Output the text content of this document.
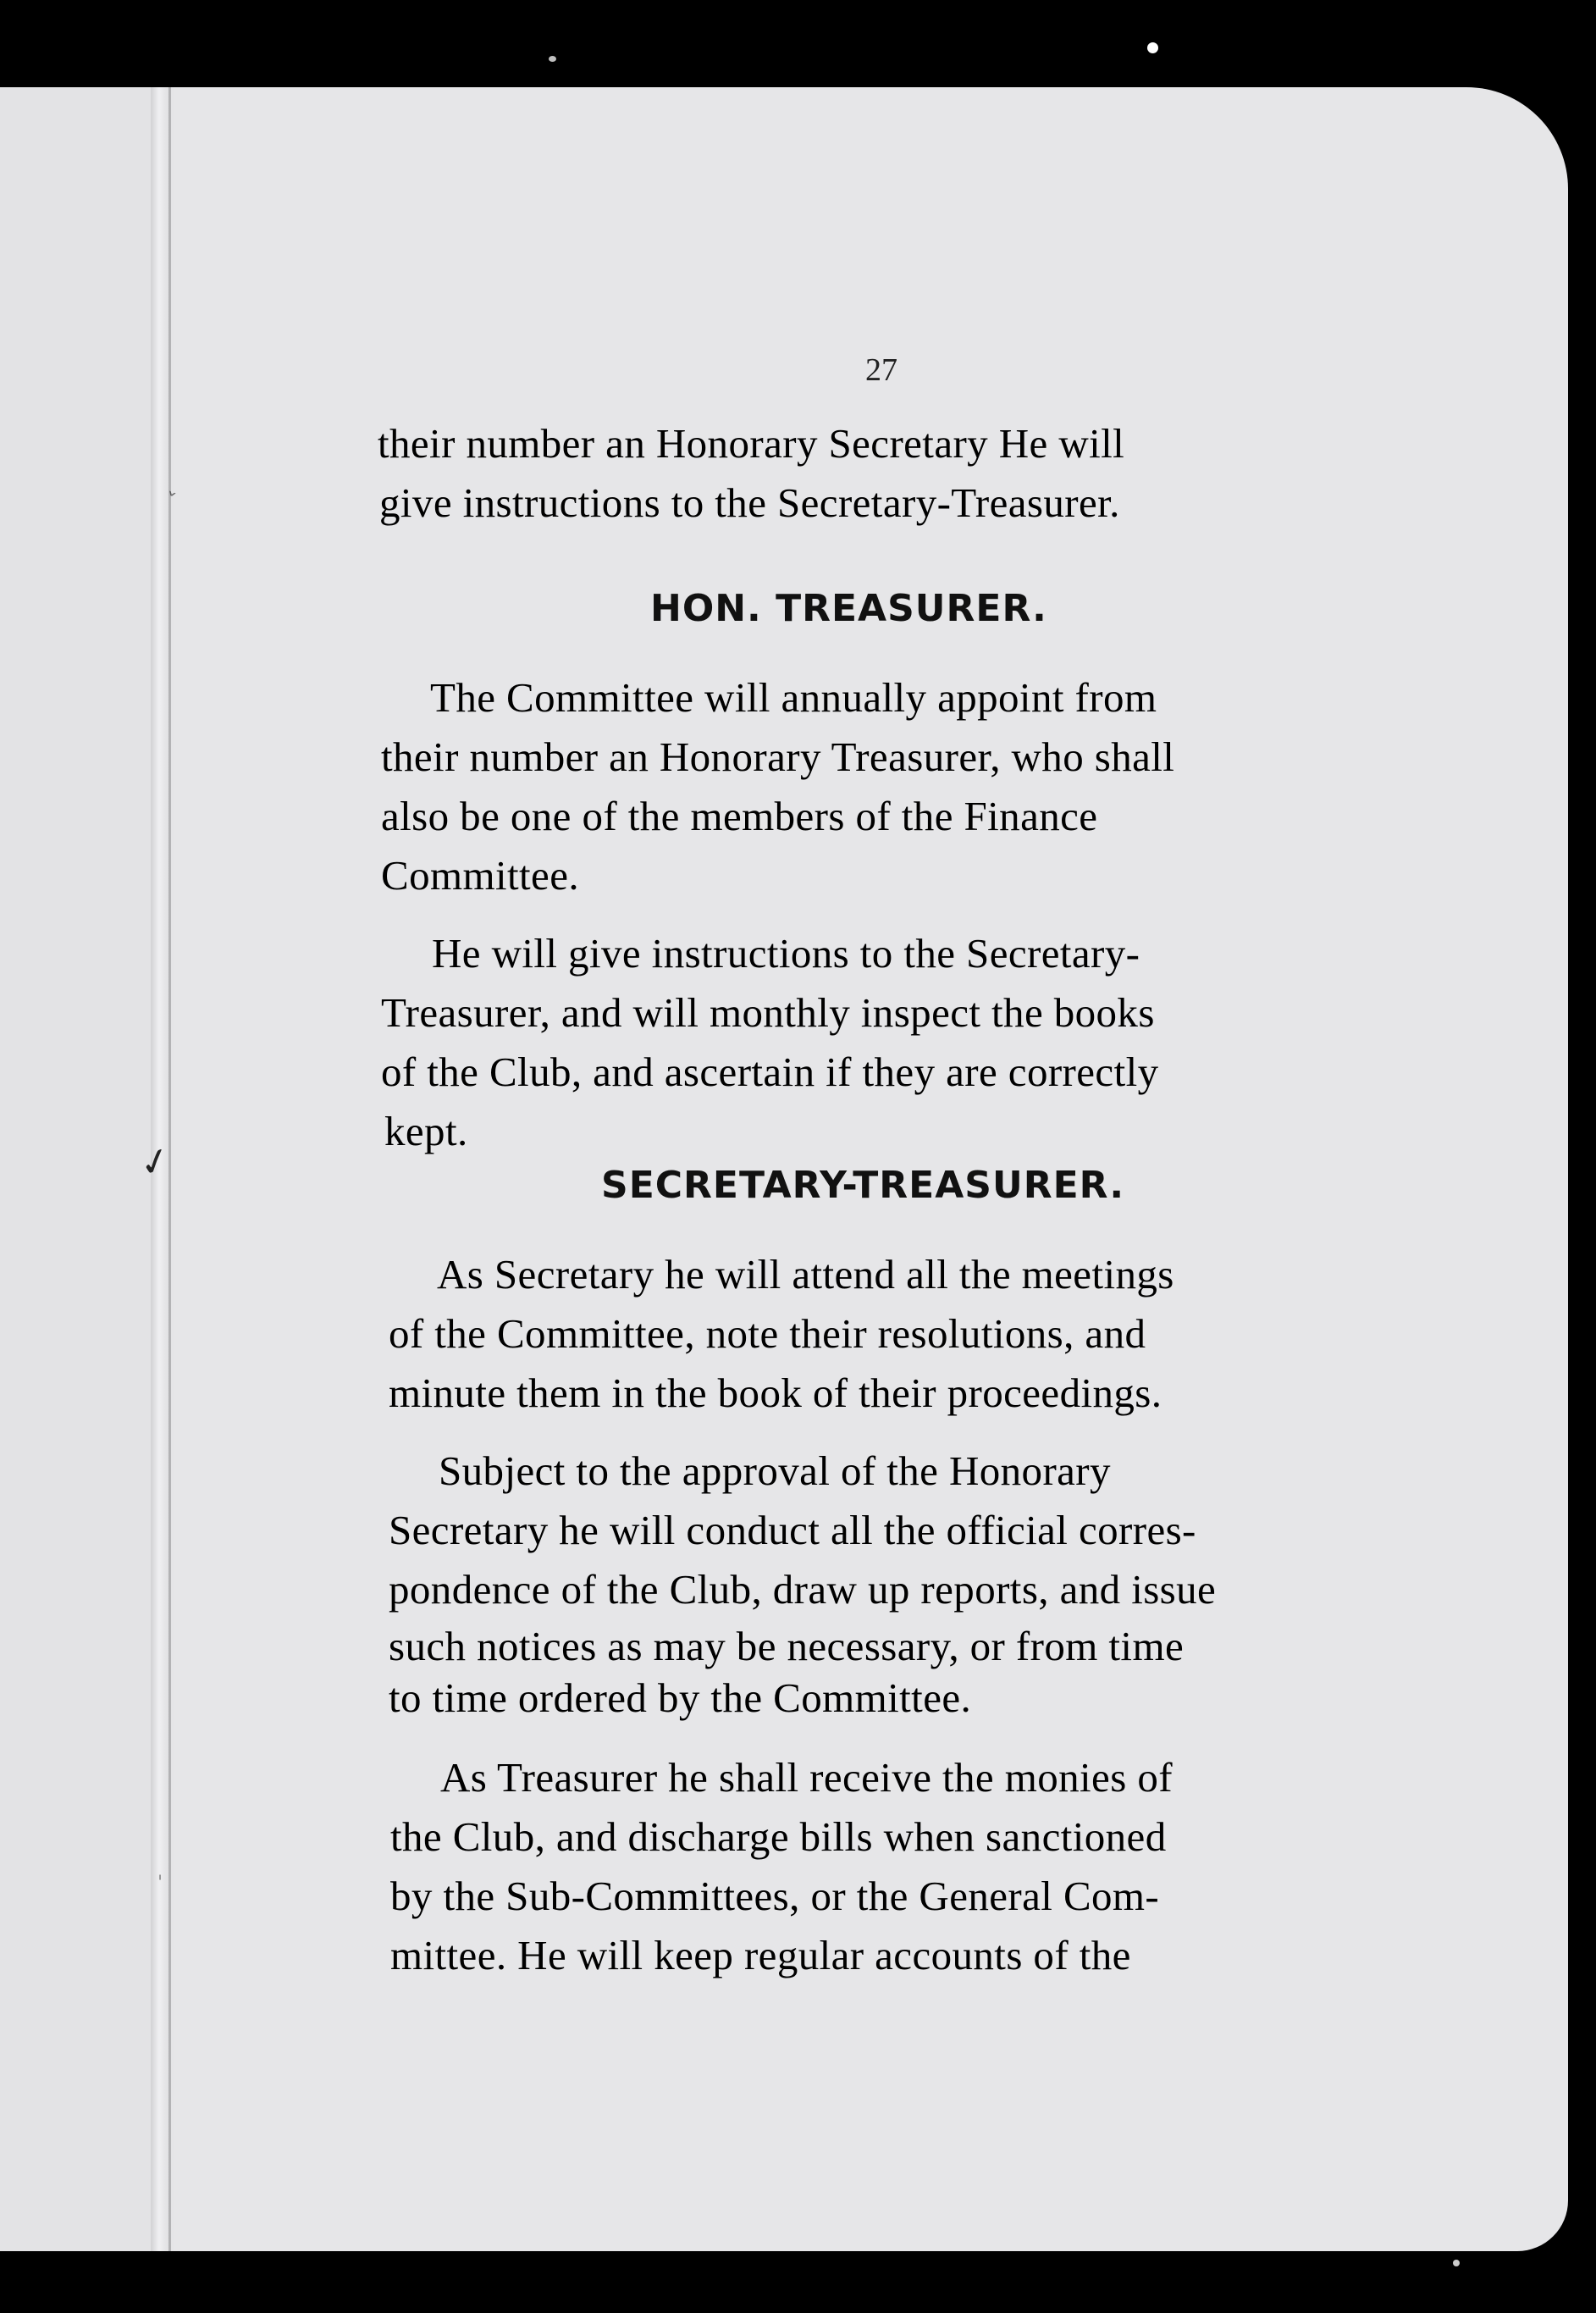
ˇ
✓
'
27
their number an Honorary Secretary He will
give instructions to the Secretary-Treasurer.
HON. TREASURER.
The Committee will annually appoint from
their number an Honorary Treasurer, who shall
also be one of the members of the Finance
Committee.
He will give instructions to the Secretary-
Treasurer, and will monthly inspect the books
of the Club, and ascertain if they are correctly
kept.
SECRETARY-TREASURER.
As Secretary he will attend all the meetings
of the Committee, note their resolutions, and
minute them in the book of their proceedings.
Subject to the approval of the Honorary
Secretary he will conduct all the official corres-
pondence of the Club, draw up reports, and issue
such notices as may be necessary, or from time
to time ordered by the Committee.
As Treasurer he shall receive the monies of
the Club, and discharge bills when sanctioned
by the Sub-Committees, or the General Com-
mittee. He will keep regular accounts of the
